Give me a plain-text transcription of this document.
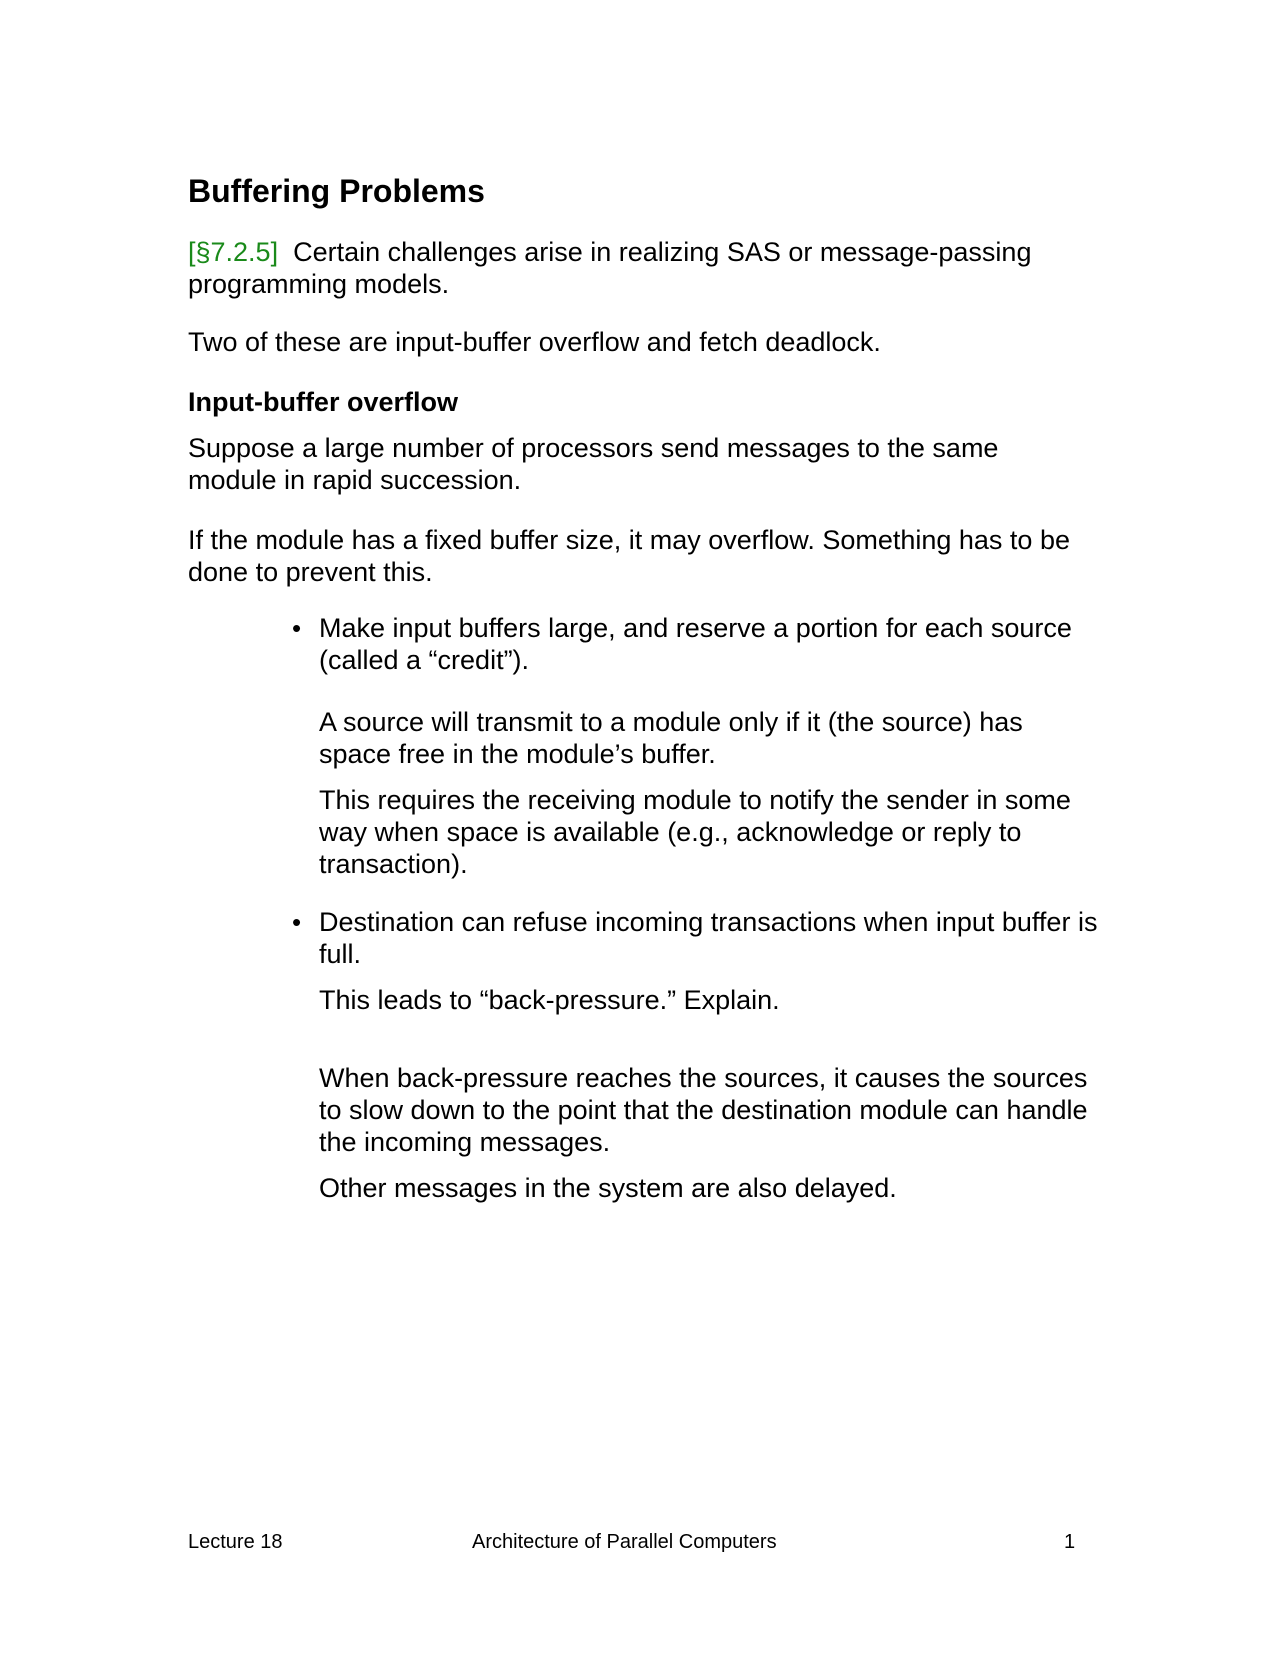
Buffering Problems

[§7.2.5] Certain challenges arise in realizing SAS or message-passing programming models.

Two of these are input-buffer overflow and fetch deadlock.

Input-buffer overflow

Suppose a large number of processors send messages to the same module in rapid succession.

If the module has a fixed buffer size, it may overflow. Something has to be done to prevent this.

• Make input buffers large, and reserve a portion for each source (called a “credit”).

A source will transmit to a module only if it (the source) has space free in the module’s buffer.

This requires the receiving module to notify the sender in some way when space is available (e.g., acknowledge or reply to transaction).

• Destination can refuse incoming transactions when input buffer is full.

This leads to “back-pressure.” Explain.

When back-pressure reaches the sources, it causes the sources to slow down to the point that the destination module can handle the incoming messages.

Other messages in the system are also delayed.

Lecture 18	Architecture of Parallel Computers	1
